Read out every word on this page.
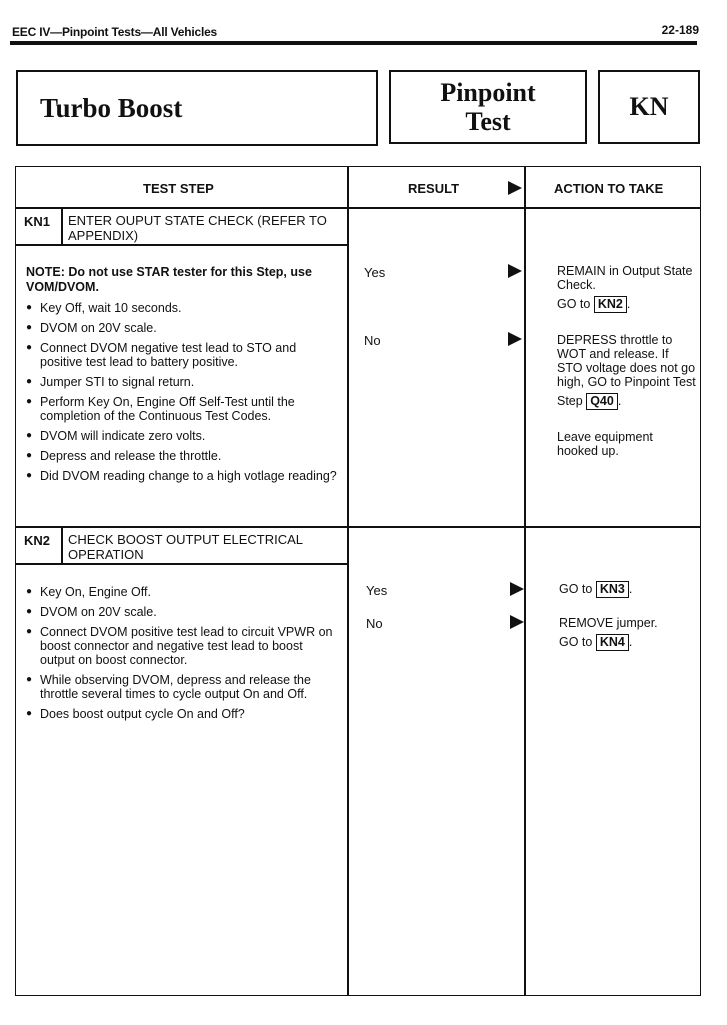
EEC IV—Pinpoint Tests—All Vehicles	22-189
Turbo Boost	Pinpoint
Test
KN
TEST STEP	RESULT	ACTION TO TAKE
KN1 ENTER OUPUT STATE CHECK (REFER TO APPENDIX)
NOTE: Do not use STAR tester for this Step, use VOM/DVOM.
● Key Off, wait 10 seconds.
● DVOM on 20V scale.
● Connect DVOM negative test lead to STO and positive test lead to battery positive.
● Jumper STI to signal return.
● Perform Key On, Engine Off Self-Test until the completion of the Continuous Test Codes.
● DVOM will indicate zero volts.
● Depress and release the throttle.
● Did DVOM reading change to a high votlage reading?
Yes	REMAIN in Output State Check.
GO to KN2 .
No	DEPRESS throttle to WOT and release. If STO voltage does not go high, GO to Pinpoint Test
Step Q40 .
Leave equipment hooked up.
KN2 CHECK BOOST OUTPUT ELECTRICAL OPERATION
● Key On, Engine Off.
● DVOM on 20V scale.
● Connect DVOM positive test lead to circuit VPWR on boost connector and negative test lead to boost output on boost connector.
● While observing DVOM, depress and release the throttle several times to cycle output On and Off.
● Does boost output cycle On and Off?
Yes	GO to KN3 .
No	REMOVE jumper.
GO to KN4 .
